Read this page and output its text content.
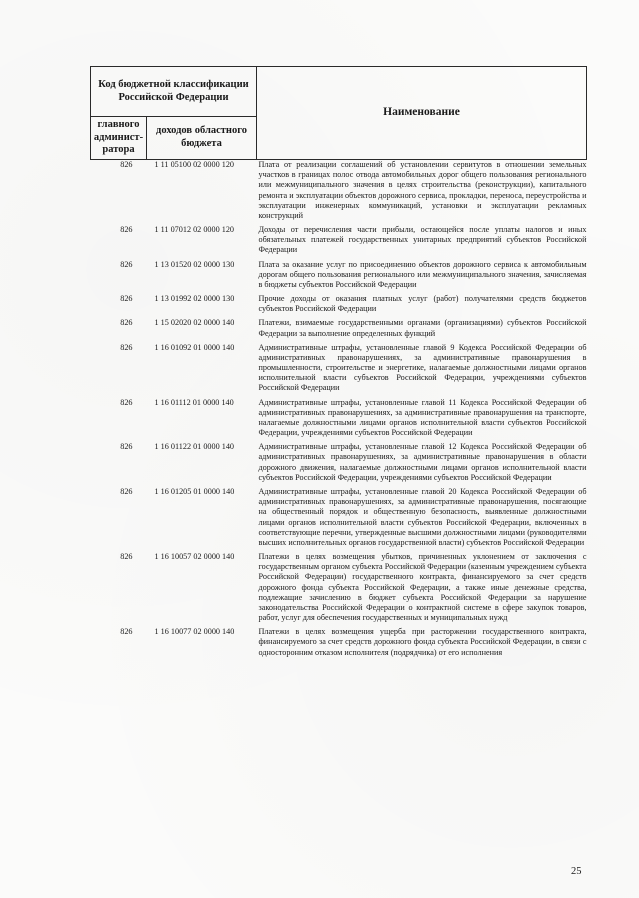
Код бюджетной классификации Российской Федерации		Наименование
главного админист-ратора	доходов областного бюджета	
826	1 11 05100 02 0000 120	Плата от реализации соглашений об установлении сервитутов в отношении земельных участков в границах полос отвода автомобильных дорог общего пользования регионального или межмуниципального значения в целях строительства (реконструкции), капитального ремонта и эксплуатации объектов дорожного сервиса, прокладки, переноса, переустройства и эксплуатации инженерных коммуникаций, установки и эксплуатации рекламных конструкций
826	1 11 07012 02 0000 120	Доходы от перечисления части прибыли, остающейся после уплаты налогов и иных обязательных платежей государственных унитарных предприятий субъектов Российской Федерации
826	1 13 01520 02 0000 130	Плата за оказание услуг по присоединению объектов дорожного сервиса к автомобильным дорогам общего пользования регионального или межмуниципального значения, зачисляемая в бюджеты субъектов Российской Федерации
826	1 13 01992 02 0000 130	Прочие доходы от оказания платных услуг (работ) получателями средств бюджетов субъектов Российской Федерации
826	1 15 02020 02 0000 140	Платежи, взимаемые государственными органами (организациями) субъектов Российской Федерации за выполнение определенных функций
826	1 16 01092 01 0000 140	Административные штрафы, установленные главой 9 Кодекса Российской Федерации об административных правонарушениях, за административные правонарушения в промышленности, строительстве и энергетике, налагаемые должностными лицами органов исполнительной власти субъектов Российской Федерации, учреждениями субъектов Российской Федерации
826	1 16 01112 01 0000 140	Административные штрафы, установленные главой 11 Кодекса Российской Федерации об административных правонарушениях, за административные правонарушения на транспорте, налагаемые должностными лицами органов исполнительной власти субъектов Российской Федерации, учреждениями субъектов Российской Федерации
826	1 16 01122 01 0000 140	Административные штрафы, установленные главой 12 Кодекса Российской Федерации об административных правонарушениях, за административные правонарушения в области дорожного движения, налагаемые должностными лицами органов исполнительной власти субъектов Российской Федерации, учреждениями субъектов Российской Федерации
826	1 16 01205 01 0000 140	Административные штрафы, установленные главой 20 Кодекса Российской Федерации об административных правонарушениях, за административные правонарушения, посягающие на общественный порядок и общественную безопасность, выявленные должностными лицами органов исполнительной власти субъектов Российской Федерации, включенных в соответствующие перечни, утвержденные высшими должностными лицами (руководителями высших исполнительных органов государственной власти) субъектов Российской Федерации
826	1 16 10057 02 0000 140	Платежи в целях возмещения убытков, причиненных уклонением от заключения с государственным органом субъекта Российской Федерации (казенным учреждением субъекта Российской Федерации) государственного контракта, финансируемого за счет средств дорожного фонда субъекта Российской Федерации, а также иные денежные средства, подлежащие зачислению в бюджет субъекта Российской Федерации за нарушение законодательства Российской Федерации о контрактной системе в сфере закупок товаров, работ, услуг для обеспечения государственных и муниципальных нужд
826	1 16 10077 02 0000 140	Платежи в целях возмещения ущерба при расторжении государственного контракта, финансируемого за счет средств дорожного фонда субъекта Российской Федерации, в связи с односторонним отказом исполнителя (подрядчика) от его исполнения
25
